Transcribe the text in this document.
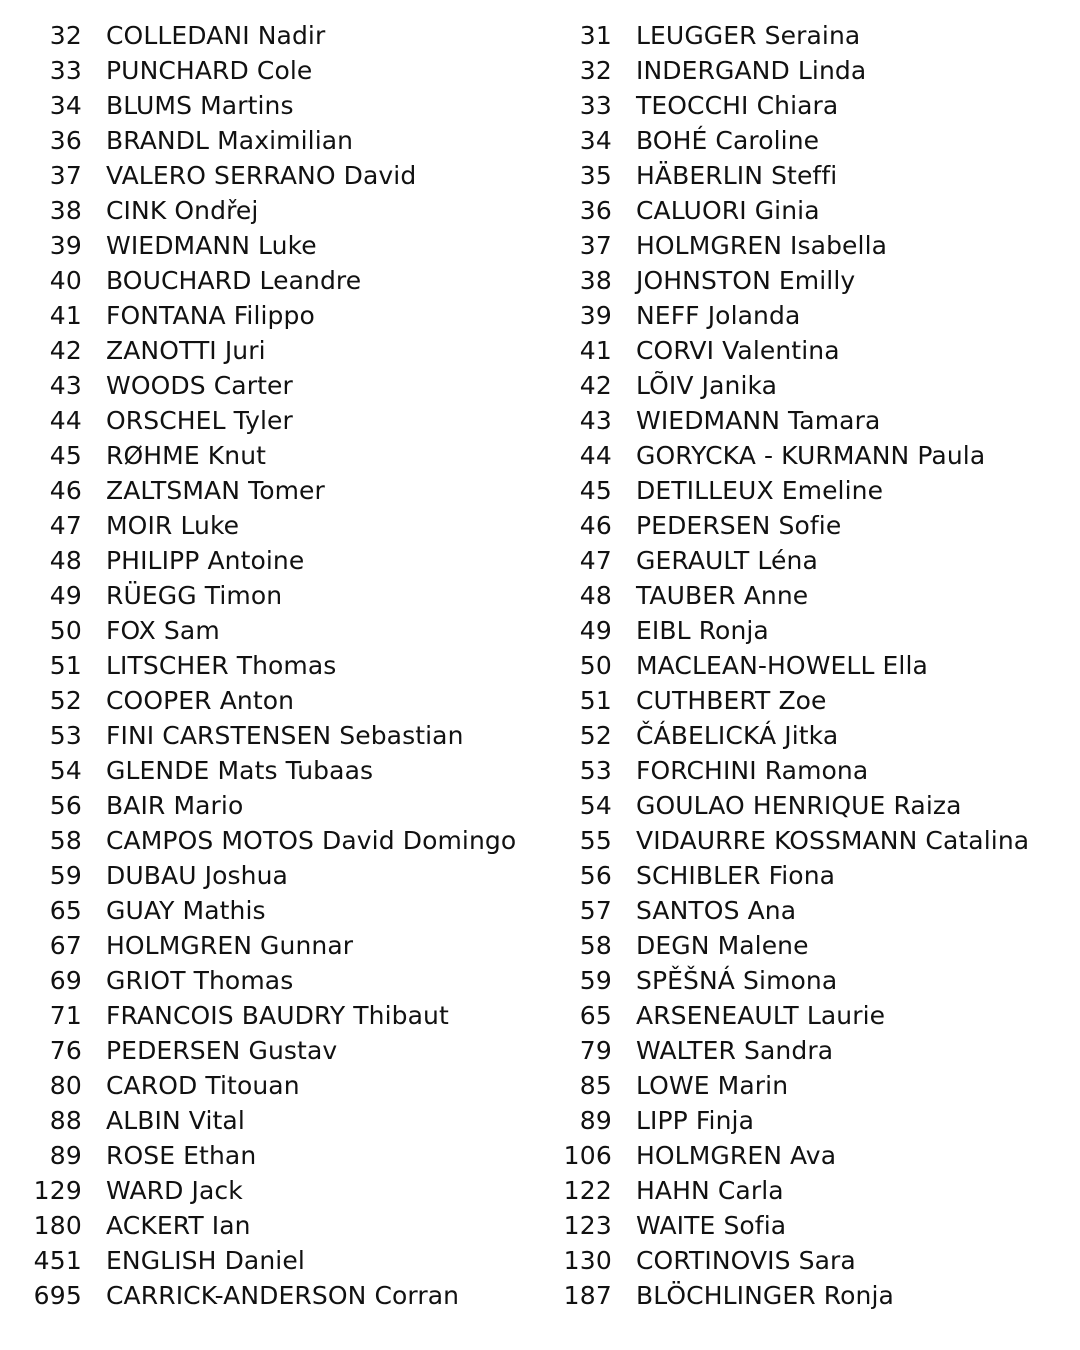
32 COLLEDANI Nadir
33 PUNCHARD Cole
34 BLUMS Martins
36 BRANDL Maximilian
37 VALERO SERRANO David
38 CINK Ondřej
39 WIEDMANN Luke
40 BOUCHARD Leandre
41 FONTANA Filippo
42 ZANOTTI Juri
43 WOODS Carter
44 ORSCHEL Tyler
45 RØHME Knut
46 ZALTSMAN Tomer
47 MOIR Luke
48 PHILIPP Antoine
49 RÜEGG Timon
50 FOX Sam
51 LITSCHER Thomas
52 COOPER Anton
53 FINI CARSTENSEN Sebastian
54 GLENDE Mats Tubaas
56 BAIR Mario
58 CAMPOS MOTOS David Domingo
59 DUBAU Joshua
65 GUAY Mathis
67 HOLMGREN Gunnar
69 GRIOT Thomas
71 FRANCOIS BAUDRY Thibaut
76 PEDERSEN Gustav
80 CAROD Titouan
88 ALBIN Vital
89 ROSE Ethan
129 WARD Jack
180 ACKERT Ian
451 ENGLISH Daniel
695 CARRICK-ANDERSON Corran
31 LEUGGER Seraina
32 INDERGAND Linda
33 TEOCCHI Chiara
34 BOHÉ Caroline
35 HÄBERLIN Steffi
36 CALUORI Ginia
37 HOLMGREN Isabella
38 JOHNSTON Emilly
39 NEFF Jolanda
41 CORVI Valentina
42 LÕIV Janika
43 WIEDMANN Tamara
44 GORYCKA - KURMANN Paula
45 DETILLEUX Emeline
46 PEDERSEN Sofie
47 GERAULT Léna
48 TAUBER Anne
49 EIBL Ronja
50 MACLEAN-HOWELL Ella
51 CUTHBERT Zoe
52 ČÁBELICKÁ Jitka
53 FORCHINI Ramona
54 GOULAO HENRIQUE Raiza
55 VIDAURRE KOSSMANN Catalina
56 SCHIBLER Fiona
57 SANTOS Ana
58 DEGN Malene
59 SPĚŠNÁ Simona
65 ARSENEAULT Laurie
79 WALTER Sandra
85 LOWE Marin
89 LIPP Finja
106 HOLMGREN Ava
122 HAHN Carla
123 WAITE Sofia
130 CORTINOVIS Sara
187 BLÖCHLINGER Ronja
